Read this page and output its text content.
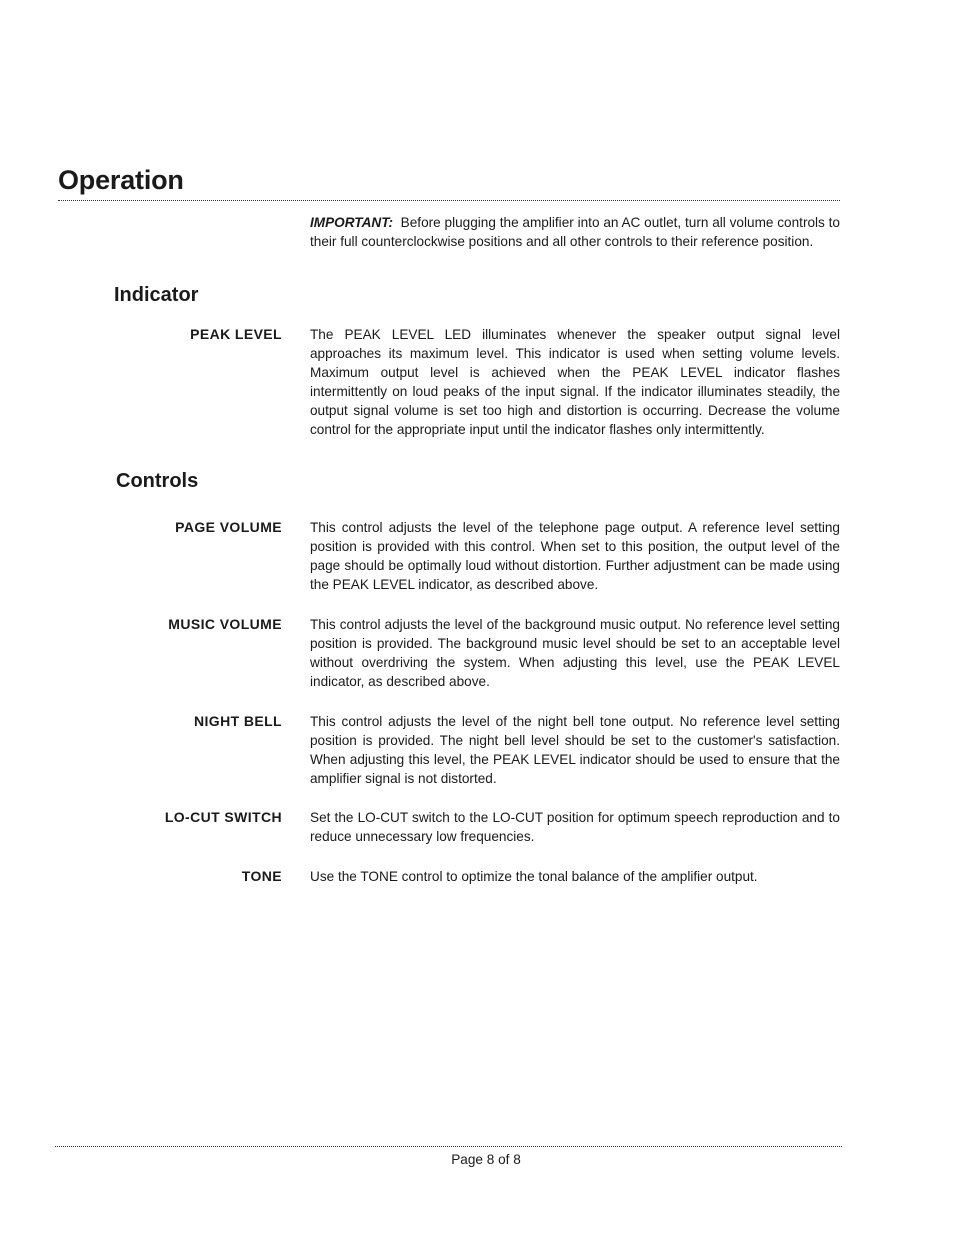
Operation

IMPORTANT: Before plugging the amplifier into an AC outlet, turn all volume controls to their full counterclockwise positions and all other controls to their reference position.

Indicator
PEAK LEVEL The PEAK LEVEL LED illuminates whenever the speaker output signal level approaches its maximum level. This indicator is used when setting volume levels. Maximum output level is achieved when the PEAK LEVEL indicator flashes intermittently on loud peaks of the input signal. If the indicator illuminates steadily, the output signal volume is set too high and distortion is occurring. Decrease the volume control for the appropriate input until the indicator flashes only intermittently.

Controls
PAGE VOLUME This control adjusts the level of the telephone page output. A reference level setting position is provided with this control. When set to this position, the output level of the page should be optimally loud without distortion. Further adjustment can be made using the PEAK LEVEL indicator, as described above.

MUSIC VOLUME This control adjusts the level of the background music output. No reference level setting position is provided. The background music level should be set to an acceptable level without overdriving the system. When adjusting this level, use the PEAK LEVEL indicator, as described above.

NIGHT BELL This control adjusts the level of the night bell tone output. No reference level setting position is provided. The night bell level should be set to the customer's satisfaction. When adjusting this level, the PEAK LEVEL indicator should be used to ensure that the amplifier signal is not distorted.

LO-CUT SWITCH Set the LO-CUT switch to the LO-CUT position for optimum speech reproduction and to reduce unnecessary low frequencies.

TONE Use the TONE control to optimize the tonal balance of the amplifier output.

Page 8 of 8
